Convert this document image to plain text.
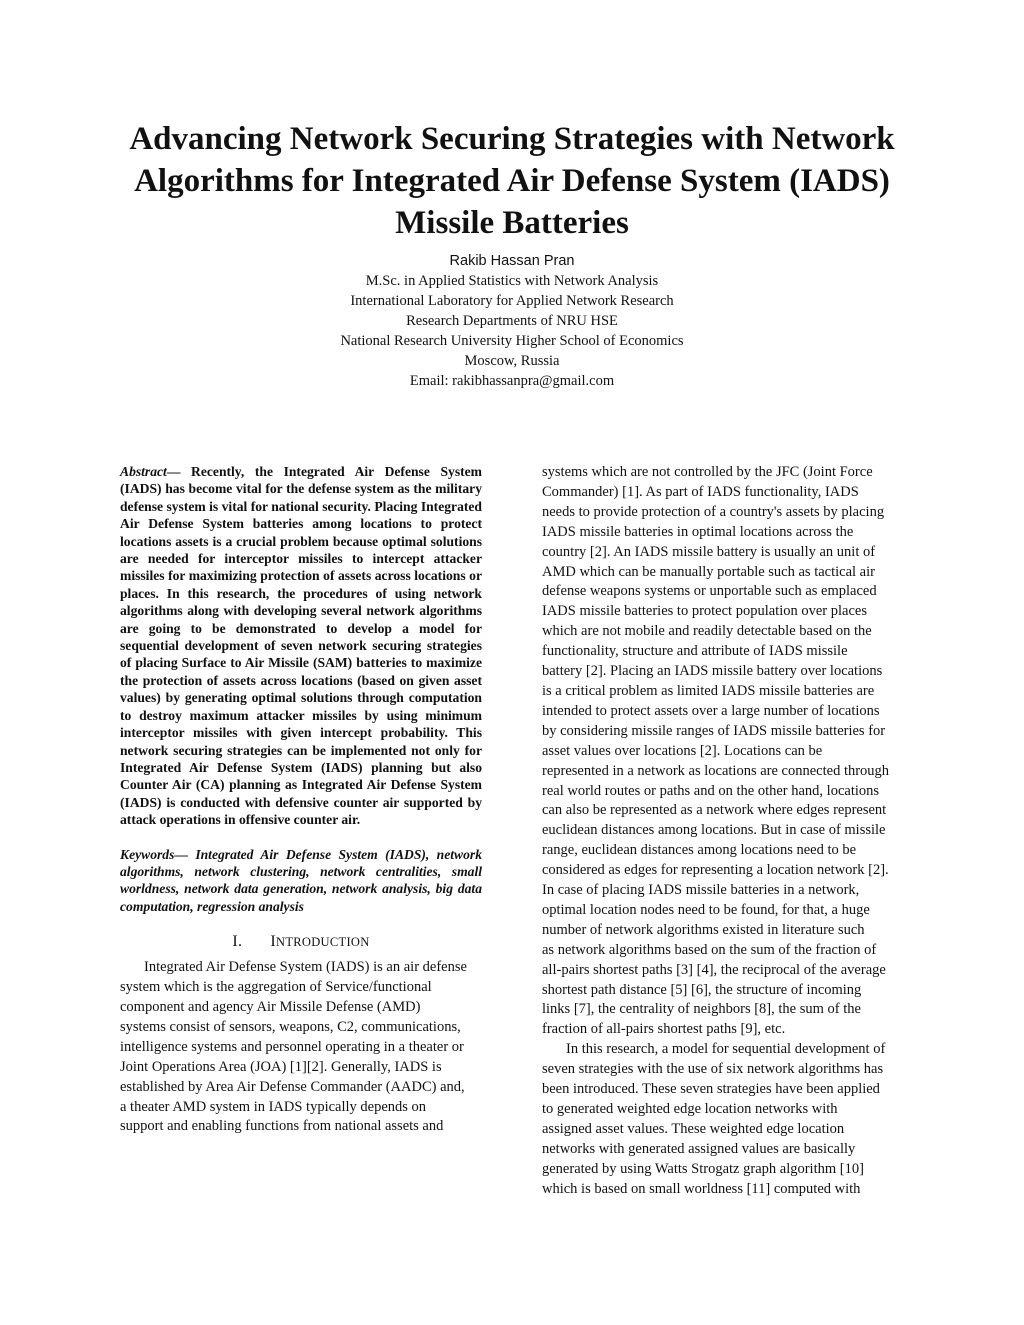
Advancing Network Securing Strategies with Network
Algorithms for Integrated Air Defense System (IADS)
Missile Batteries
Rakib Hassan Pran
M.Sc. in Applied Statistics with Network Analysis
International Laboratory for Applied Network Research
Research Departments of NRU HSE
National Research University Higher School of Economics
Moscow, Russia
Email: rakibhassanpra@gmail.com

Abstract— Recently, the Integrated Air Defense System (IADS) has become vital for the defense system as the military defense system is vital for national security. Placing Integrated Air Defense System batteries among locations to protect locations assets is a crucial problem because optimal solutions are needed for interceptor missiles to intercept attacker missiles for maximizing protection of assets across locations or places. In this research, the procedures of using network algorithms along with developing several network algorithms are going to be demonstrated to develop a model for sequential development of seven network securing strategies of placing Surface to Air Missile (SAM) batteries to maximize the protection of assets across locations (based on given asset values) by generating optimal solutions through computation to destroy maximum attacker missiles by using minimum interceptor missiles with given intercept probability. This network securing strategies can be implemented not only for Integrated Air Defense System (IADS) planning but also Counter Air (CA) planning as Integrated Air Defense System (IADS) is conducted with defensive counter air supported by attack operations in offensive counter air.

Keywords— Integrated Air Defense System (IADS), network algorithms, network clustering, network centralities, small worldness, network data generation, network analysis, big data computation, regression analysis

I. INTRODUCTION

Integrated Air Defense System (IADS) is an air defense
system which is the aggregation of Service/functional
component and agency Air Missile Defense (AMD)
systems consist of sensors, weapons, C2, communications,
intelligence systems and personnel operating in a theater or
Joint Operations Area (JOA) [1][2]. Generally, IADS is
established by Area Air Defense Commander (AADC) and,
a theater AMD system in IADS typically depends on
support and enabling functions from national assets and

systems which are not controlled by the JFC (Joint Force
Commander) [1]. As part of IADS functionality, IADS
needs to provide protection of a country's assets by placing
IADS missile batteries in optimal locations across the
country [2]. An IADS missile battery is usually an unit of
AMD which can be manually portable such as tactical air
defense weapons systems or unportable such as emplaced
IADS missile batteries to protect population over places
which are not mobile and readily detectable based on the
functionality, structure and attribute of IADS missile
battery [2]. Placing an IADS missile battery over locations
is a critical problem as limited IADS missile batteries are
intended to protect assets over a large number of locations
by considering missile ranges of IADS missile batteries for
asset values over locations [2]. Locations can be
represented in a network as locations are connected through
real world routes or paths and on the other hand, locations
can also be represented as a network where edges represent
euclidean distances among locations. But in case of missile
range, euclidean distances among locations need to be
considered as edges for representing a location network [2].
In case of placing IADS missile batteries in a network,
optimal location nodes need to be found, for that, a huge
number of network algorithms existed in literature such
as network algorithms based on the sum of the fraction of
all-pairs shortest paths [3] [4], the reciprocal of the average
shortest path distance [5] [6], the structure of incoming
links [7], the centrality of neighbors [8], the sum of the
fraction of all-pairs shortest paths [9], etc.

In this research, a model for sequential development of
seven strategies with the use of six network algorithms has
been introduced. These seven strategies have been applied
to generated weighted edge location networks with
assigned asset values. These weighted edge location
networks with generated assigned values are basically
generated by using Watts Strogatz graph algorithm [10]
which is based on small worldness [11] computed with
